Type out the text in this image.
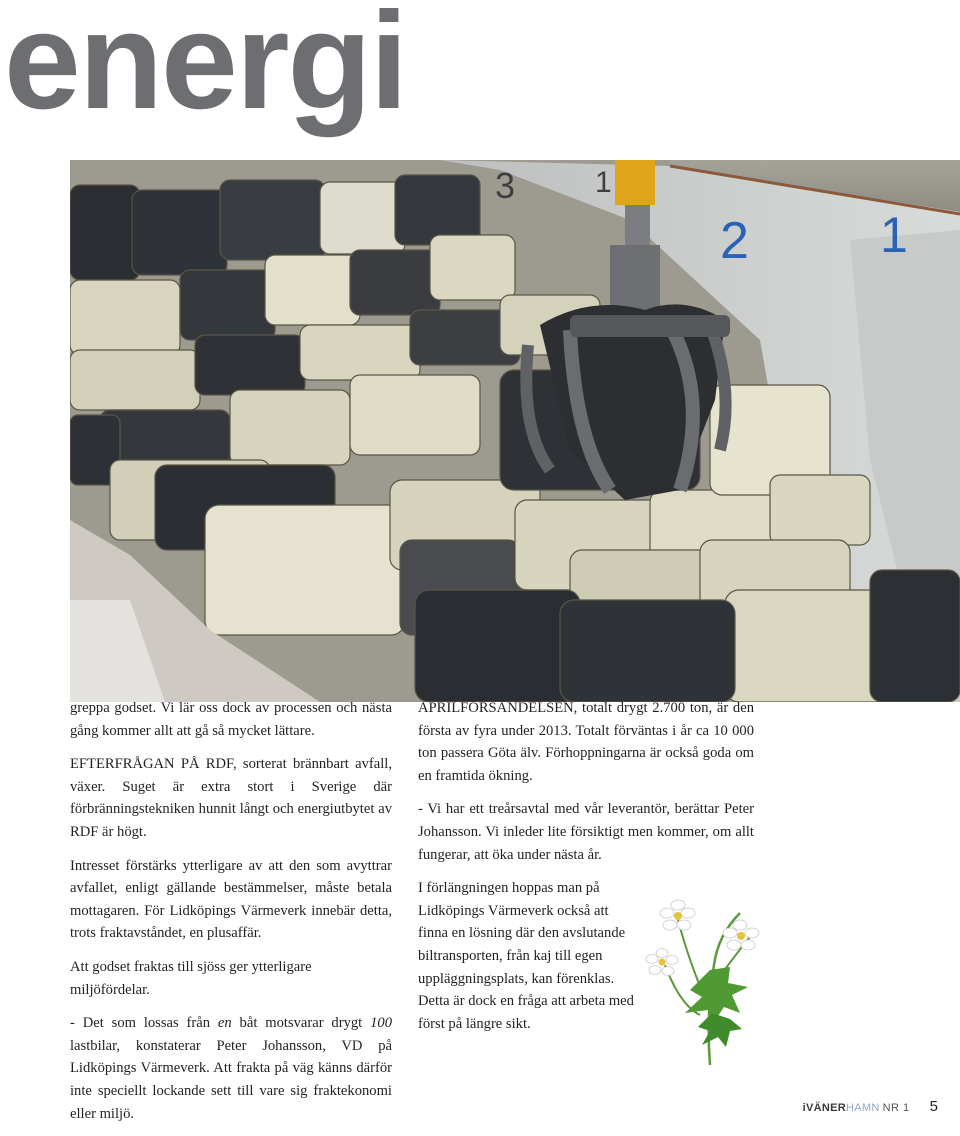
energi
3	1
2	1

greppa godset. Vi lär oss dock av processen och nästa gång kommer allt att gå så mycket lättare.

EFTERFRÅGAN PÅ RDF, sorterat brännbart avfall, växer. Suget är extra stort i Sverige där förbränningstekniken hunnit långt och energiutbytet av RDF är högt.

Intresset förstärks ytterligare av att den som avyttrar avfallet, enligt gällande bestämmelser, måste betala mottagaren. För Lidköpings Värmeverk innebär detta, trots fraktavståndet, en plusaffär.

Att godset fraktas till sjöss ger ytterligare miljöfördelar.

- Det som lossas från en båt motsvarar drygt 100 lastbilar, konstaterar Peter Johansson, VD på Lidköpings Värmeverk. Att frakta på väg känns därför inte speciellt lockande sett till vare sig fraktekonomi eller miljö.

APRILFÖRSÄNDELSEN, totalt drygt 2.700 ton, är den första av fyra under 2013. Totalt förväntas i år ca 10 000 ton passera Göta älv. Förhoppningarna är också goda om en framtida ökning.

- Vi har ett treårsavtal med vår leverantör, berättar Peter Johansson. Vi inleder lite försiktigt men kommer, om allt fungerar, att öka under nästa år.

I förlängningen hoppas man på
Lidköpings Värmeverk också att
finna en lösning där den avslutande
biltransporten, från kaj till egen
uppläggningsplats, kan förenklas.
Detta är dock en fråga att arbeta med
först på längre sikt.
iVÄNERHAMN NR 1 5
